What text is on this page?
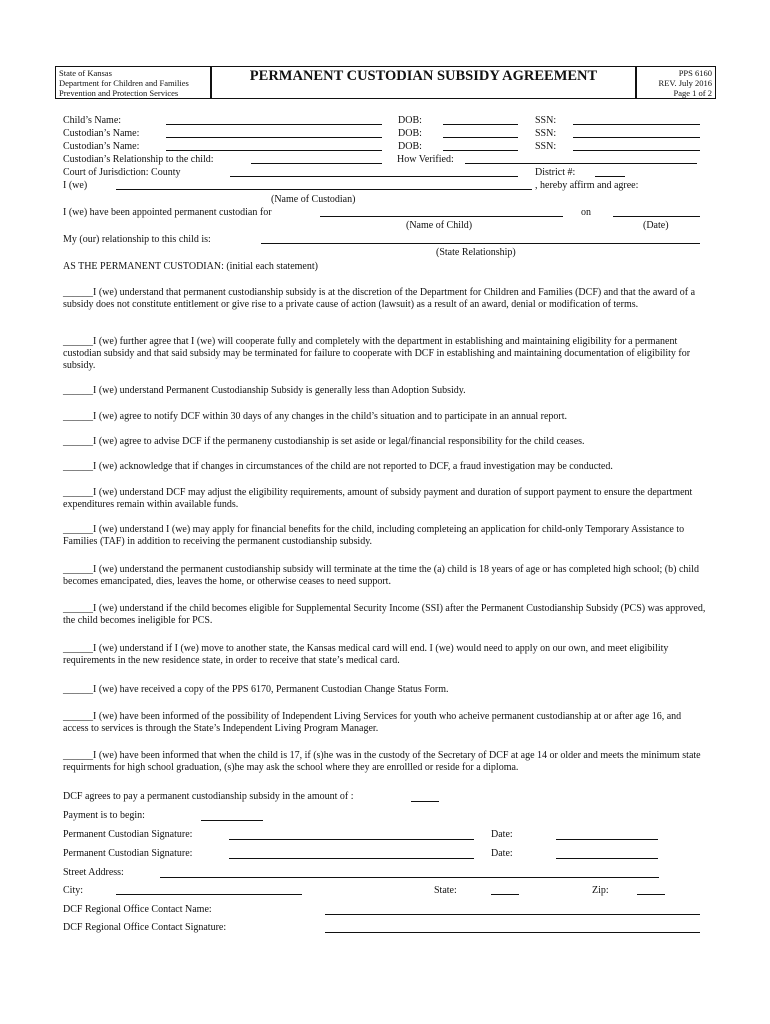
State of Kansas
Department for Children and Families
Prevention and Protection Services
PERMANENT CUSTODIAN SUBSIDY AGREEMENT	PPS 6160
REV. July 2016
Page 1 of 2
Child’s Name:	DOB:	SSN:
Custodian’s Name:	DOB:	SSN:
Custodian’s Name:	DOB:	SSN:
Custodian’s Relationship to the child:	How Verified:
Court of Jurisdiction: County	District #:
I (we)	, hereby affirm and agree:
(Name of Custodian)
I (we) have been appointed permanent custodian for	on
(Name of Child)	(Date)
My (our) relationship to this child is:
(State Relationship)
AS THE PERMANENT CUSTODIAN: (initial each statement)
______I (we) understand that permanent custodianship subsidy is at the discretion of the Department for Children and Families (DCF) and that the award of a subsidy does not constitute entitlement or give rise to a private cause of action (lawsuit) as a result of an award, denial or modification of terms.
______I (we) further agree that I (we) will cooperate fully and completely with the department in establishing and maintaining eligibility for a permanent custodian subsidy and that said subsidy may be terminated for failure to cooperate with DCF in establishing and maintaining documentation of eligibility for subsidy.
______I (we) understand Permanent Custodianship Subsidy is generally less than Adoption Subsidy.
______I (we) agree to notify DCF within 30 days of any changes in the child’s situation and to participate in an annual report.
______I (we) agree to advise DCF if the permaneny custodianship is set aside or legal/financial responsibility for the child ceases.
______I (we) acknowledge that if changes in circumstances of the child are not reported to DCF, a fraud investigation may be conducted.
______I (we) understand DCF may adjust the eligibility requirements, amount of subsidy payment and duration of support payment to ensure the department expenditures remain within available funds.
______I (we) understand I (we) may apply for financial benefits for the child, including completeing an application for child-only Temporary Assistance to Families (TAF) in addition to receiving the permanent custodianship subsidy.
______I (we) understand the permanent custodianship subsidy will terminate at the time the (a) child is 18 years of age or has completed high school; (b) child becomes emancipated, dies, leaves the home, or otherwise ceases to need support.
______I (we) understand if the child becomes eligible for Supplemental Security Income (SSI) after the Permanent Custodianship Subsidy (PCS) was approved, the child becomes ineligible for PCS.
______I (we) understand if I (we) move to another state, the Kansas medical card will end. I (we) would need to apply on our own, and meet eligibility requirements in the new residence state, in order to receive that state’s medical card.
______I (we) have received a copy of the PPS 6170, Permanent Custodian Change Status Form.
______I (we) have been informed of the possibility of Independent Living Services for youth who acheive permanent custodianship at or after age 16, and access to services is through the State’s Independent Living Program Manager.
______I (we) have been informed that when the child is 17, if (s)he was in the custody of the Secretary of DCF at age 14 or older and meets the minimum state requirments for high school graduation, (s)he may ask the school where they are enrollled or reside for a diploma.
DCF agrees to pay a permanent custodianship subsidy in the amount of :
Payment is to begin:
Permanent Custodian Signature:	Date:
Permanent Custodian Signature:	Date:
Street Address:
City:	State:	Zip:
DCF Regional Office Contact Name:
DCF Regional Office Contact Signature:
